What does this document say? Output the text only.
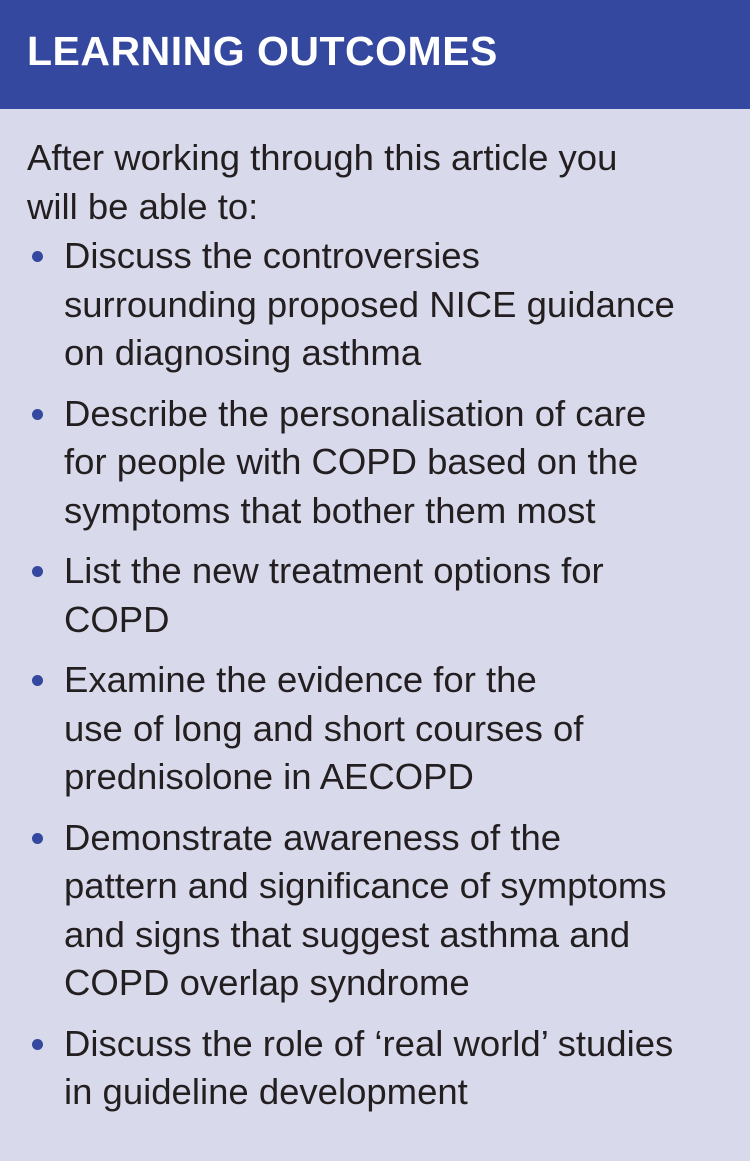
LEARNING OUTCOMES

After working through this article you
will be able to:

Discuss the controversies
surrounding proposed NICE guidance
on diagnosing asthma
Describe the personalisation of care
for people with COPD based on the
symptoms that bother them most
List the new treatment options for
COPD
Examine the evidence for the
use of long and short courses of
prednisolone in AECOPD
Demonstrate awareness of the
pattern and significance of symptoms
and signs that suggest asthma and
COPD overlap syndrome
Discuss the role of ‘real world’ studies
in guideline development
